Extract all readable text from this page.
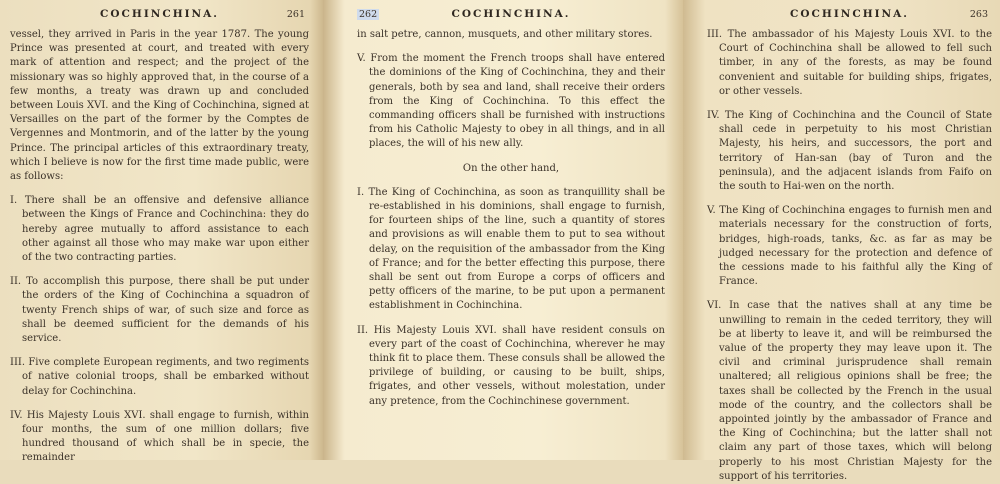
COCHINCHINA.	261

vessel, they arrived in Paris in the year 1787. The young Prince was presented at court, and treated with every mark of attention and respect; and the project of the missionary was so highly approved that, in the course of a few months, a treaty was drawn up and concluded between Louis XVI. and the King of Cochinchina, signed at Versailles on the part of the former by the Comptes de Vergennes and Montmorin, and of the latter by the young Prince. The principal articles of this extraordinary treaty, which I believe is now for the first time made public, were as follows:

I. There shall be an offensive and defensive alliance between the Kings of France and Cochinchina: they do hereby agree mutually to afford assistance to each other against all those who may make war upon either of the two contracting parties.

II. To accomplish this purpose, there shall be put under the orders of the King of Cochinchina a squadron of twenty French ships of war, of such size and force as shall be deemed sufficient for the demands of his service.

III. Five complete European regiments, and two regiments of native colonial troops, shall be embarked without delay for Cochinchina.

IV. His Majesty Louis XVI. shall engage to furnish, within four months, the sum of one million dollars; five hundred thousand of which shall be in specie, the remainder

262	COCHINCHINA.

in salt petre, cannon, musquets, and other military stores.

V. From the moment the French troops shall have entered the dominions of the King of Cochinchina, they and their generals, both by sea and land, shall receive their orders from the King of Cochinchina. To this effect the commanding officers shall be furnished with instructions from his Catholic Majesty to obey in all things, and in all places, the will of his new ally.

On the other hand,

I. The King of Cochinchina, as soon as tranquillity shall be re-established in his dominions, shall engage to furnish, for fourteen ships of the line, such a quantity of stores and provisions as will enable them to put to sea without delay, on the requisition of the ambassador from the King of France; and for the better effecting this purpose, there shall be sent out from Europe a corps of officers and petty officers of the marine, to be put upon a permanent establishment in Cochinchina.

II. His Majesty Louis XVI. shall have resident consuls on every part of the coast of Cochinchina, wherever he may think fit to place them. These consuls shall be allowed the privilege of building, or causing to be built, ships, frigates, and other vessels, without molestation, under any pretence, from the Cochinchinese government.

COCHINCHINA.	263

III. The ambassador of his Majesty Louis XVI. to the Court of Cochinchina shall be allowed to fell such timber, in any of the forests, as may be found convenient and suitable for building ships, frigates, or other vessels.

IV. The King of Cochinchina and the Council of State shall cede in perpetuity to his most Christian Majesty, his heirs, and successors, the port and territory of Han-san (bay of Turon and the peninsula), and the adjacent islands from Faifo on the south to Hai-wen on the north.

V. The King of Cochinchina engages to furnish men and materials necessary for the construction of forts, bridges, high-roads, tanks, &c. as far as may be judged necessary for the protection and defence of the cessions made to his faithful ally the King of France.

VI. In case that the natives shall at any time be unwilling to remain in the ceded territory, they will be at liberty to leave it, and will be reimbursed the value of the property they may leave upon it. The civil and criminal jurisprudence shall remain unaltered; all religious opinions shall be free; the taxes shall be collected by the French in the usual mode of the country, and the collectors shall be appointed jointly by the ambassador of France and the King of Cochinchina; but the latter shall not claim any part of those taxes, which will belong properly to his most Christian Majesty for the support of his territories.
